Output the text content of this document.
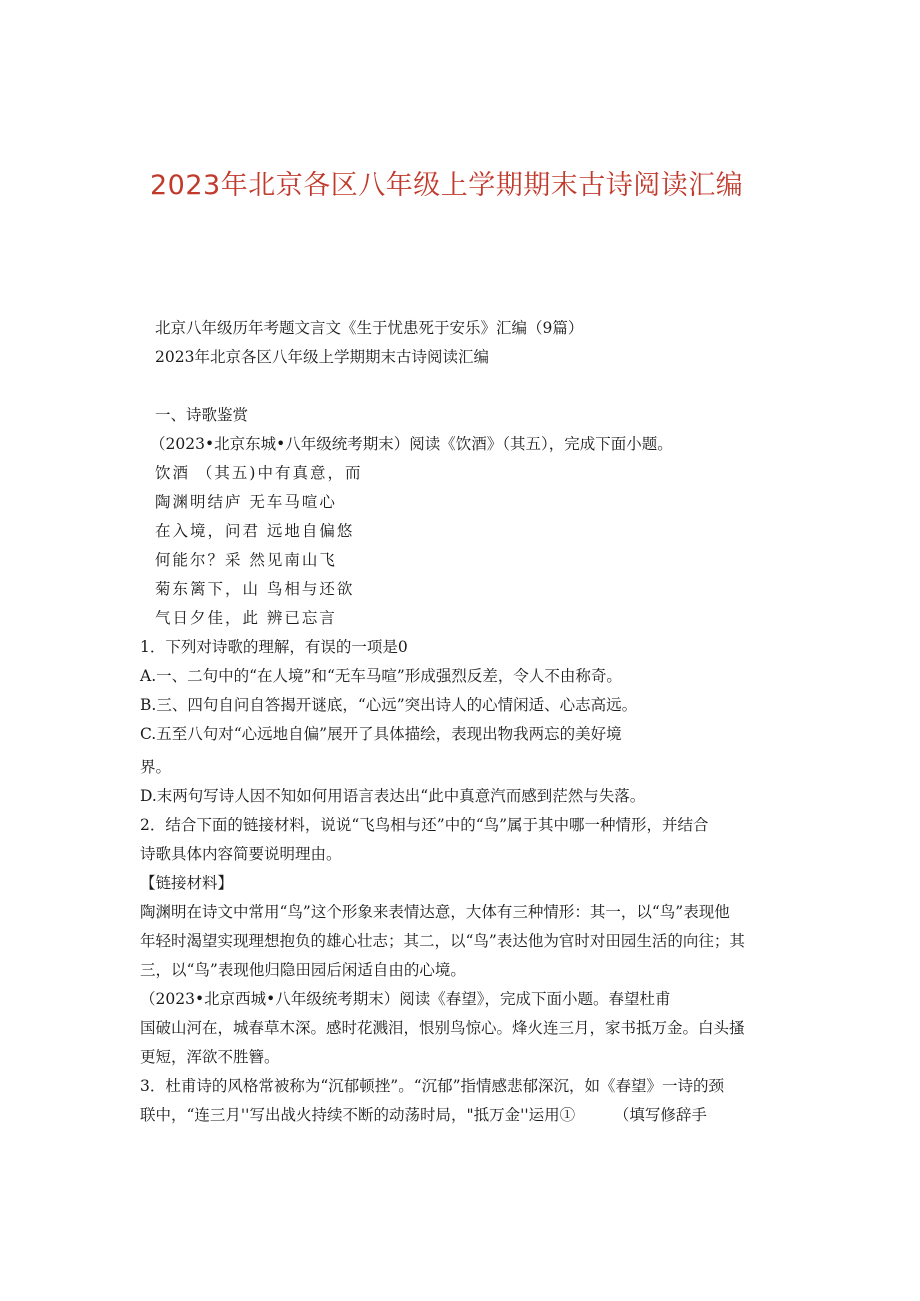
2023年北京各区八年级上学期期末古诗阅读汇编
北京八年级历年考题文言文《生于忧患死于安乐》汇编（9篇）
2023年北京各区八年级上学期期末古诗阅读汇编
一、诗歌鉴赏
（2023•北京东城•八年级统考期末）阅读《饮酒》（其五），完成下面小题。
饮酒 （其五)中有真意，而
陶渊明结庐 无车马喧心
在入境，问君 远地自偏悠
何能尔？采 然见南山飞
菊东篱下，山 鸟相与还欲
气日夕佳，此 辨已忘言
1．下列对诗歌的理解，有误的一项是0
A.一、二句中的“在人境”和“无车马喧”形成强烈反差，令人不由称奇。
B.三、四句自问自答揭开谜底，“心远”突出诗人的心情闲适、心志高远。
C.五至八句对“心远地自偏”展开了具体描绘，表现出物我两忘的美好境
界。
D.末两句写诗人因不知如何用语言表达出“此中真意汽而感到茫然与失落。
2．结合下面的链接材料，说说“飞鸟相与还”中的“鸟”属于其中哪一种情形，并结合
诗歌具体内容简要说明理由。
【链接材料】
陶渊明在诗文中常用“鸟”这个形象来表情达意，大体有三种情形：其一，以“鸟”表现他
年轻时渴望实现理想抱负的雄心壮志；其二，以“鸟”表达他为官时对田园生活的向往；其
三，以“鸟”表现他归隐田园后闲适自由的心境。
（2023•北京西城•八年级统考期末）阅读《春望》，完成下面小题。春望杜甫
国破山河在，城春草木深。感时花溅泪，恨别鸟惊心。烽火连三月，家书抵万金。白头搔
更短，浑欲不胜簪。
3．杜甫诗的风格常被称为“沉郁顿挫”。“沉郁”指情感悲郁深沉，如《春望》一诗的颈
联中，“连三月''写出战火持续不断的动荡时局，"抵万金''运用①　　　（填写修辞手
